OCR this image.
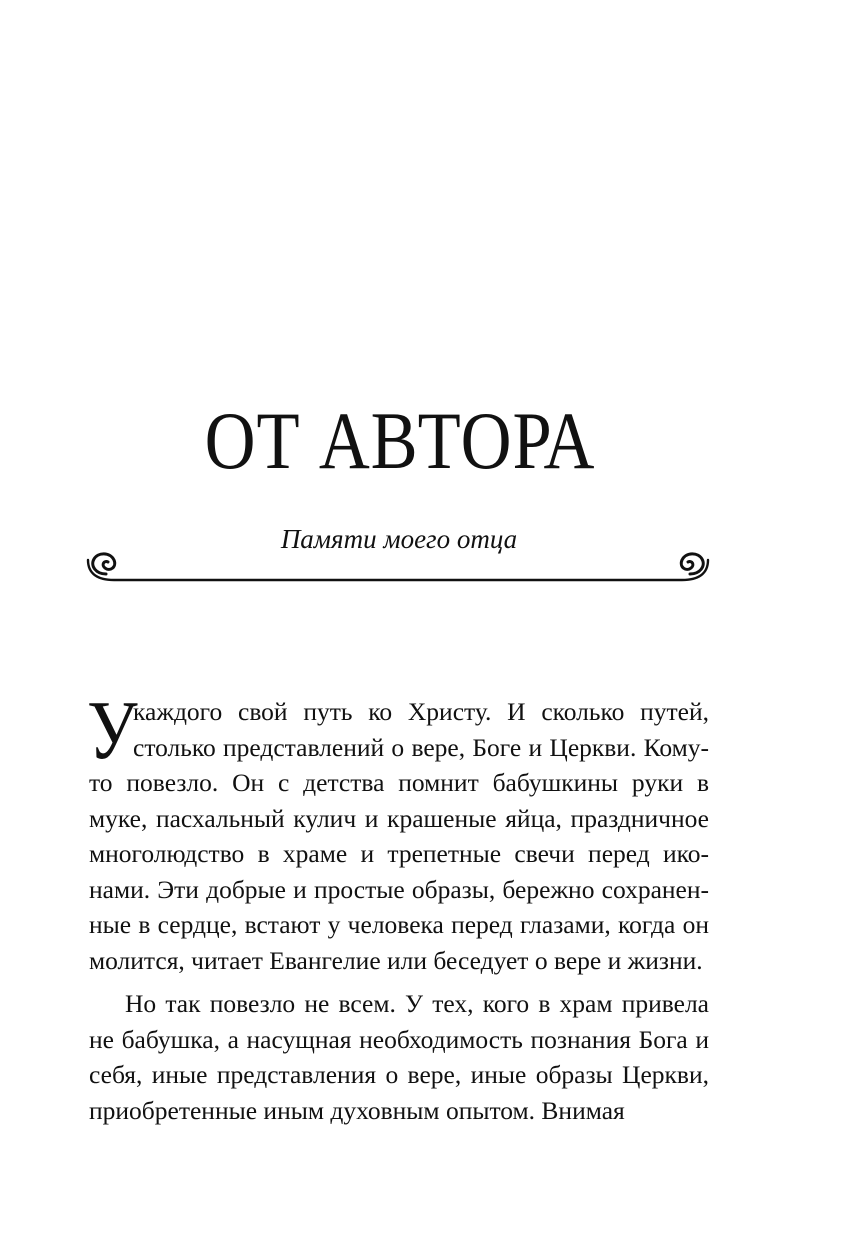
ОТ АВТОРА

Памяти моего отца

У
каждого свой путь ко Христу. И сколько путей, столько представлений о вере, Боге и Церкви. Кому-то повезло. Он с детства помнит бабушкины руки в муке, пасхальный кулич и крашеные яйца, праздничное многолюдство в храме и трепетные свечи перед иконами. Эти добрые и простые образы, бережно сохраненные в сердце, встают у человека перед глазами, когда он молится, читает Евангелие или беседует о вере и жизни.

Но так повезло не всем. У тех, кого в храм привела не бабушка, а насущная необходимость познания Бога и себя, иные представления о вере, иные образы Церкви, приобретенные иным духовным опытом. Внимая
